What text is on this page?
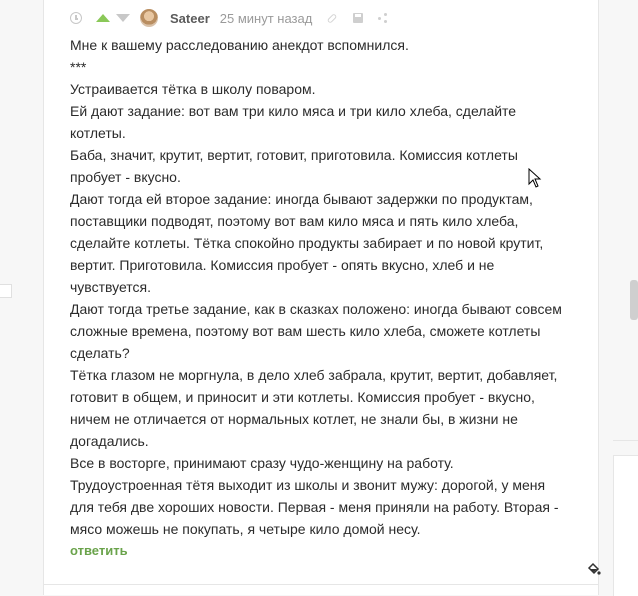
Sateer 25 минут назад

Мне к вашему расследованию анекдот вспомнился.

***

Устраивается тётка в школу поваром.

Ей дают задание: вот вам три кило мяса и три кило хлеба, сделайте котлеты.

Баба, значит, крутит, вертит, готовит, приготовила. Комиссия котлеты пробует - вкусно.

Дают тогда ей второе задание: иногда бывают задержки по продуктам, поставщики подводят, поэтому вот вам кило мяса и пять кило хлеба, сделайте котлеты. Тётка спокойно продукты забирает и по новой крутит, вертит. Приготовила. Комиссия пробует - опять вкусно, хлеб и не чувствуется.

Дают тогда третье задание, как в сказках положено: иногда бывают совсем сложные времена, поэтому вот вам шесть кило хлеба, сможете котлеты сделать?

Тётка глазом не моргнула, в дело хлеб забрала, крутит, вертит, добавляет, готовит в общем, и приносит и эти котлеты. Комиссия пробует - вкусно, ничем не отличается от нормальных котлет, не знали бы, в жизни не догадались.

Все в восторге, принимают сразу чудо-женщину на работу.

Трудоустроенная тётя выходит из школы и звонит мужу: дорогой, у меня для тебя две хороших новости. Первая - меня приняли на работу. Вторая - мясо можешь не покупать, я четыре кило домой несу.

ответить
